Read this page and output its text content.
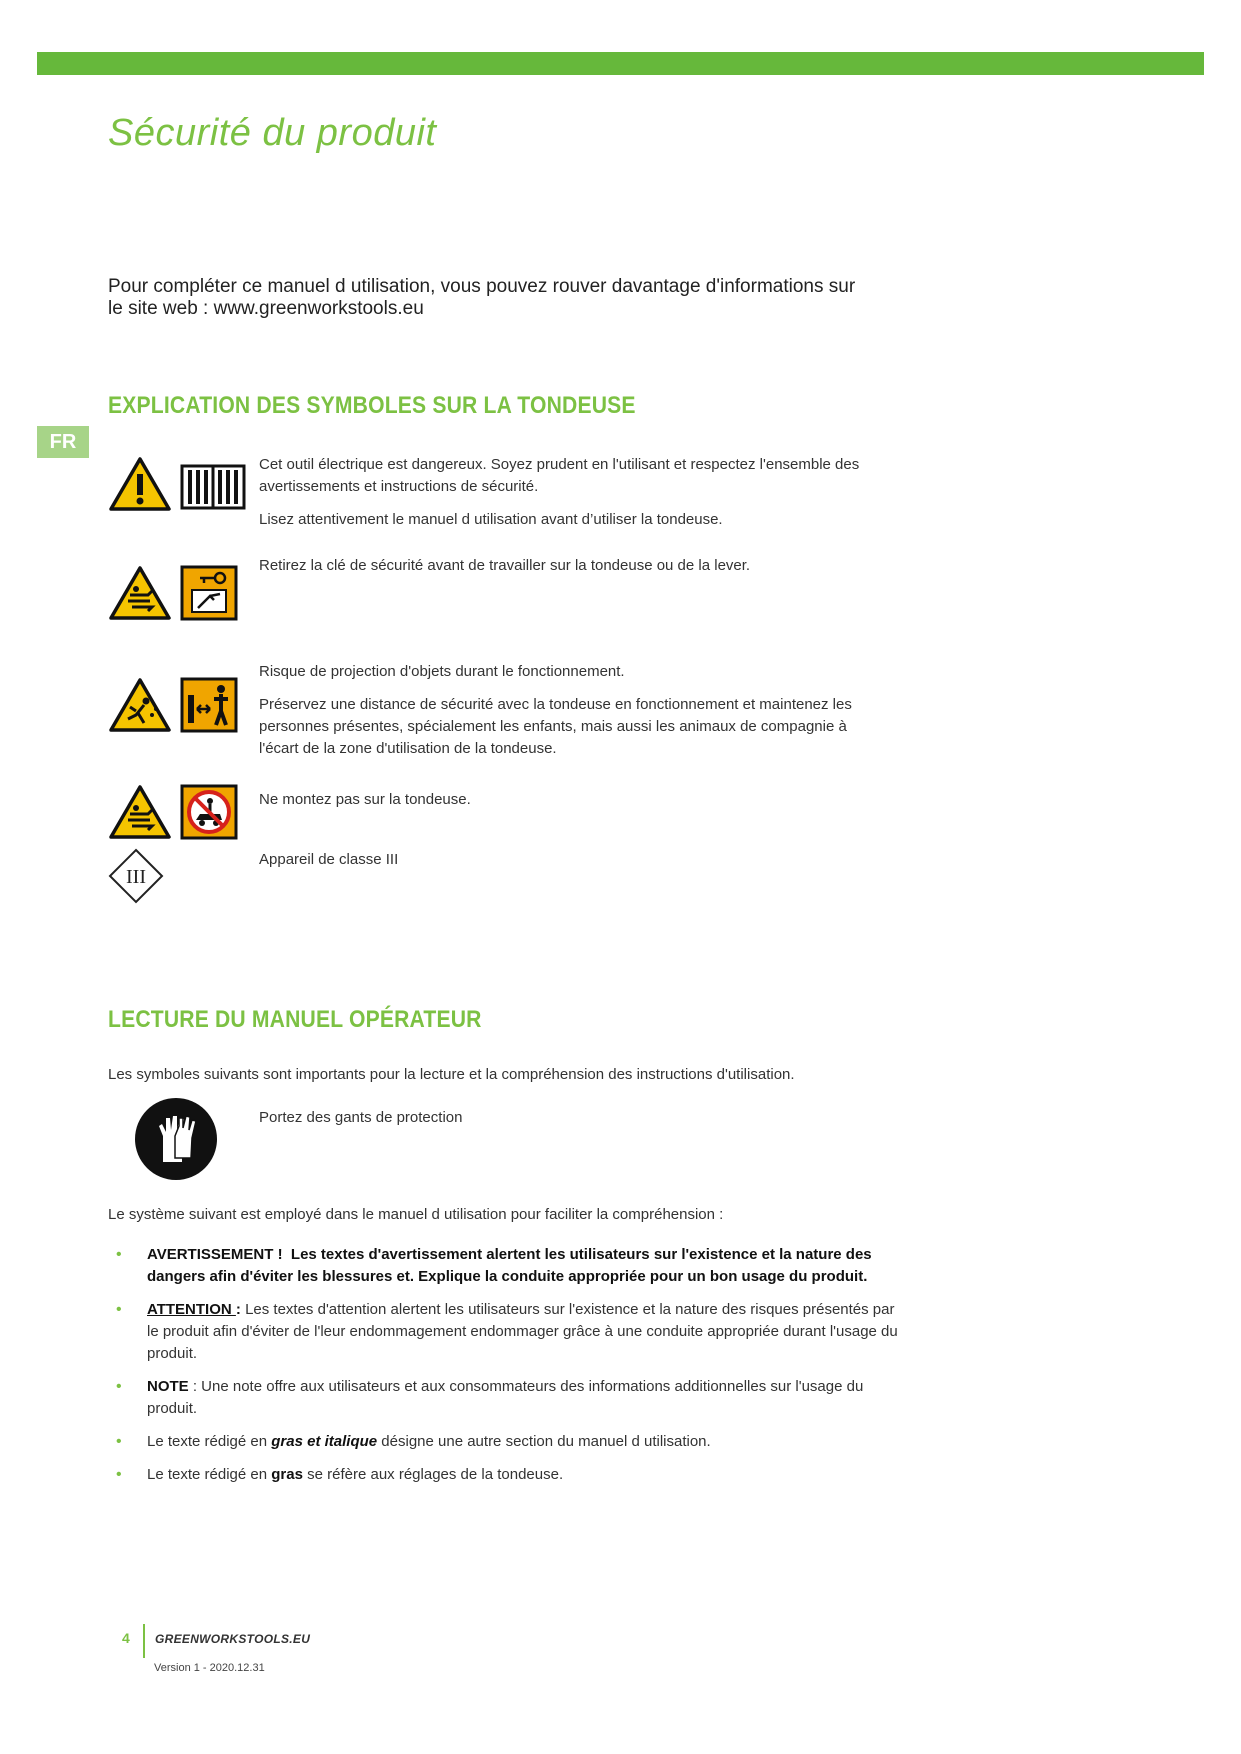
Sécurité du produit
Pour compléter ce manuel d utilisation, vous pouvez rouver davantage d'informations sur
le site web : www.greenworkstools.eu
FR
EXPLICATION DES SYMBOLES SUR LA TONDEUSE

Cet outil électrique est dangereux. Soyez prudent en l'utilisant et respectez l'ensemble des avertissements et instructions de sécurité.

Lisez attentivement le manuel d utilisation avant d’utiliser la tondeuse.

Retirez la clé de sécurité avant de travailler sur la tondeuse ou de la lever.

Risque de projection d'objets durant le fonctionnement.

Préservez une distance de sécurité avec la tondeuse en fonctionnement et maintenez les personnes présentes, spécialement les enfants, mais aussi les animaux de compagnie à l'écart de la zone d'utilisation de la tondeuse.

Ne montez pas sur la tondeuse.

III

Appareil de classe III

LECTURE DU MANUEL OPÉRATEUR
Les symboles suivants sont importants pour la lecture et la compréhension des instructions d'utilisation.
Portez des gants de protection
Le système suivant est employé dans le manuel d utilisation pour faciliter la compréhension :
• AVERTISSEMENT ! Les textes d'avertissement alertent les utilisateurs sur l'existence et la nature des dangers afin d'éviter les blessures et. Explique la conduite appropriée pour un bon usage du produit.
• ATTENTION : Les textes d'attention alertent les utilisateurs sur l'existence et la nature des risques présentés par le produit afin d'éviter de l'leur endommagement endommager grâce à une conduite appropriée durant l'usage du produit.
• NOTE : Une note offre aux utilisateurs et aux consommateurs des informations additionnelles sur l'usage du produit.
• Le texte rédigé en gras et italique désigne une autre section du manuel d utilisation.
• Le texte rédigé en gras se réfère aux réglages de la tondeuse.
4 GREENWORKSTOOLS.EU
Version 1 - 2020.12.31
